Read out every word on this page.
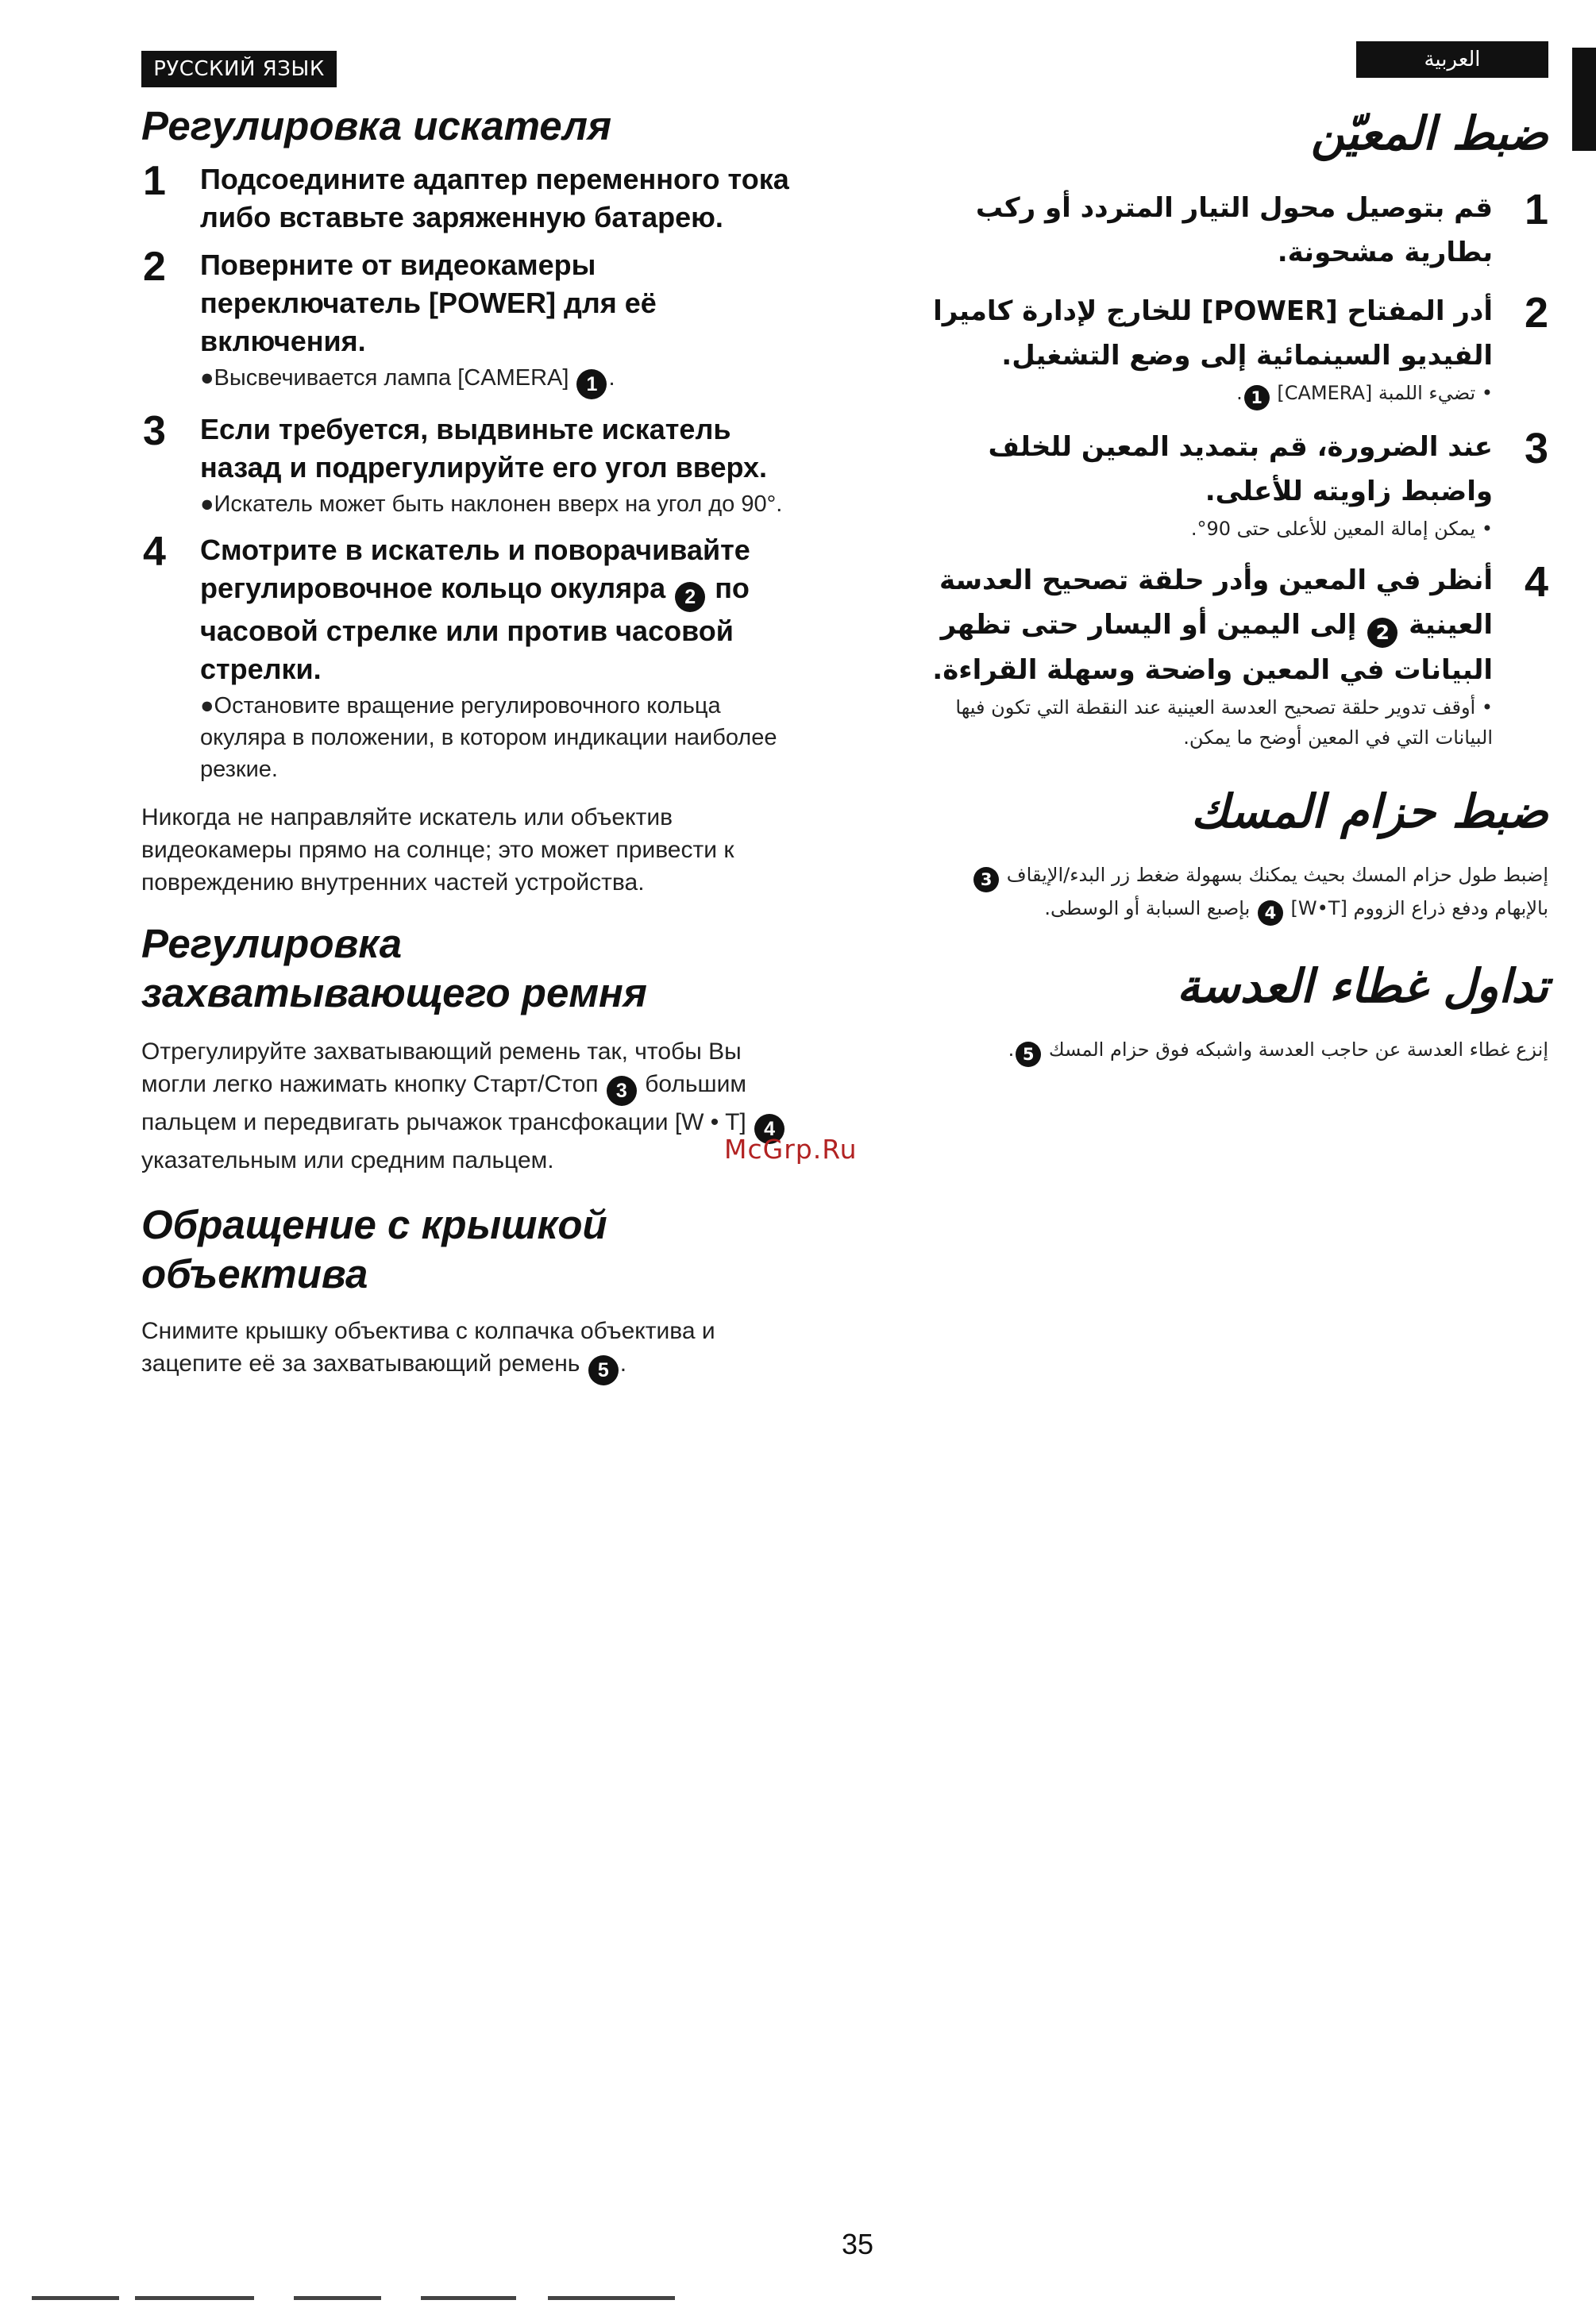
РУССКИЙ ЯЗЫК	العربية
Регулировка искателя
1 Подсоедините адаптер переменного тока либо вставьте заряженную батарею.
2 Поверните от видеокамеры переключатель [POWER] для её включения.
●Высвечивается лампа [CAMERA] 1 .
3 Если требуется, выдвиньте искатель назад и подрегулируйте его угол вверх.
●Искатель может быть наклонен вверх на угол до 90°.
4 Смотрите в искатель и поворачивайте регулировочное кольцо окуляра 2 по часовой стрелке или против часовой стрелки.
●Остановите вращение регулировочного кольца окуляра в положении, в котором индикации наиболее резкие.

Никогда не направляйте искатель или объектив видеокамеры прямо на солнце; это может привести к повреждению внутренних частей устройства.

Регулировка
захватывающего ремня

Отрегулируйте захватывающий ремень так, чтобы Вы могли легко нажимать кнопку Старт/Стоп 3 большим пальцем и передвигать рычажок трансфокации [W • T] 4 указательным или средним пальцем.

Обращение с крышкой
объектива

Снимите крышку объектива с колпачка объектива и зацепите её за захватывающий ремень 5 .

ضبط المعيّن
1
قم بتوصيل محول التيار المتردد أو ركب بطارية مشحونة.
2
أدر المفتاح [POWER] للخارج لإدارة كاميرا الفيديو السينمائية إلى وضع التشغيل.
• تضيء اللمبة [CAMERA] 1.
3
عند الضرورة، قم بتمديد المعين للخلف واضبط زاويته للأعلى.
• يمكن إمالة المعين للأعلى حتى 90°.
4
أنظر في المعين وأدر حلقة تصحيح العدسة العينية 2 إلى اليمين أو اليسار حتى تظهر البيانات في المعين واضحة وسهلة القراءة.
• أوقف تدوير حلقة تصحيح العدسة العينية عند النقطة التي تكون فيها البيانات التي في المعين أوضح ما يمكن.
ضبط حزام المسك

إضبط طول حزام المسك بحيث يمكنك بسهولة ضغط زر البدء/الإيقاف 3 بالإبهام ودفع ذراع الزووم [W•T] 4 بإصبع السبابة أو الوسطى.

تداول غطاء العدسة

إنزع غطاء العدسة عن حاجب العدسة واشبكه فوق حزام المسك 5.

McGrp.Ru
35
